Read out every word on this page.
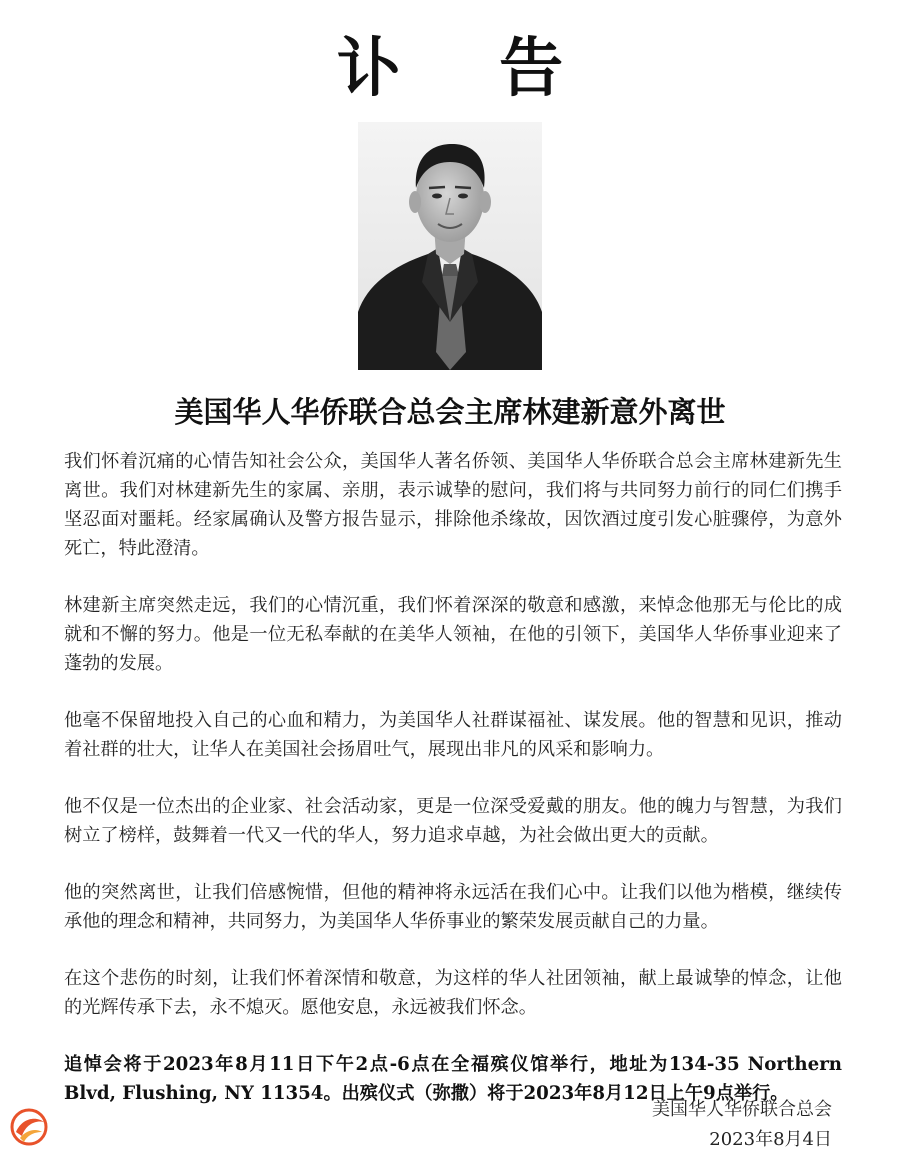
讣 告
美国华人华侨联合总会主席林建新意外离世

我们怀着沉痛的心情告知社会公众，美国华人著名侨领、美国华人华侨联合总会主席林建新先生离世。我们对林建新先生的家属、亲朋，表示诚挚的慰问，我们将与共同努力前行的同仁们携手坚忍面对噩耗。经家属确认及警方报告显示，排除他杀缘故，因饮酒过度引发心脏骤停，为意外死亡，特此澄清。

林建新主席突然走远，我们的心情沉重，我们怀着深深的敬意和感激，来悼念他那无与伦比的成就和不懈的努力。他是一位无私奉献的在美华人领袖，在他的引领下，美国华人华侨事业迎来了蓬勃的发展。

他毫不保留地投入自己的心血和精力，为美国华人社群谋福祉、谋发展。他的智慧和见识，推动着社群的壮大，让华人在美国社会扬眉吐气，展现出非凡的风采和影响力。

他不仅是一位杰出的企业家、社会活动家，更是一位深受爱戴的朋友。他的魄力与智慧，为我们树立了榜样，鼓舞着一代又一代的华人，努力追求卓越，为社会做出更大的贡献。

他的突然离世，让我们倍感惋惜，但他的精神将永远活在我们心中。让我们以他为楷模，继续传承他的理念和精神，共同努力，为美国华人华侨事业的繁荣发展贡献自己的力量。

在这个悲伤的时刻，让我们怀着深情和敬意，为这样的华人社团领袖，献上最诚挚的悼念，让他的光辉传承下去，永不熄灭。愿他安息，永远被我们怀念。

追悼会将于2023年8月11日下午2点-6点在全福殡仪馆举行，地址为134-35 Northern Blvd, Flushing, NY 11354。出殡仪式（弥撒）将于2023年8月12日上午9点举行。

美国华人华侨联合总会
2023年8月4日
